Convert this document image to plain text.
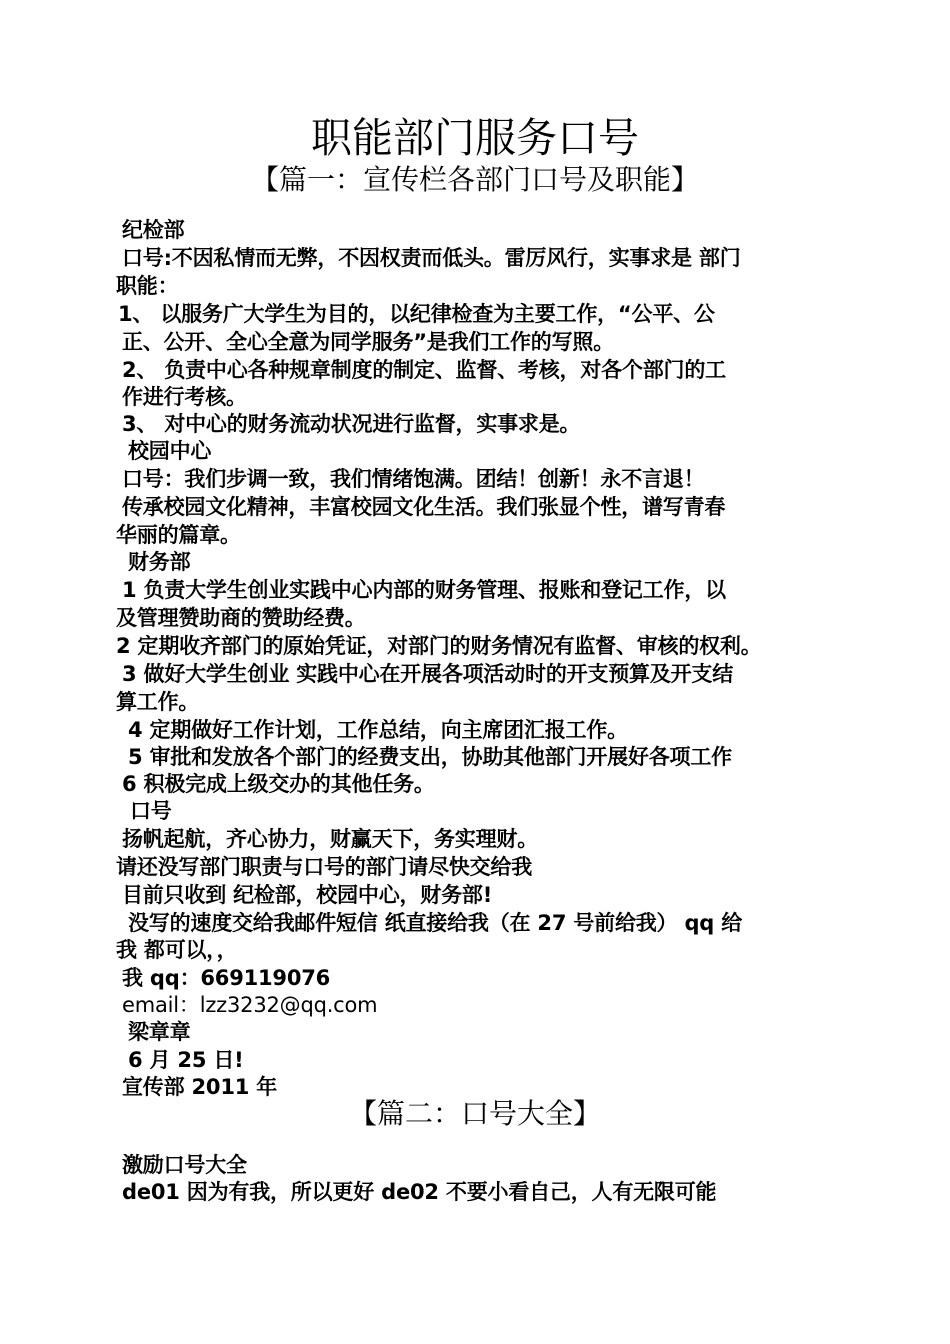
职能部门服务口号
【篇一：宣传栏各部门口号及职能】
纪检部
口号:不因私情而无弊，不因权责而低头。雷厉风行，实事求是 部门
职能：
1、 以服务广大学生为目的，以纪律检查为主要工作，“公平、公
正、公开、全心全意为同学服务”是我们工作的写照。
2、 负责中心各种规章制度的制定、监督、考核，对各个部门的工
作进行考核。
3、 对中心的财务流动状况进行监督，实事求是。
校园中心
口号：我们步调一致，我们情绪饱满。团结！创新！永不言退！
传承校园文化精神，丰富校园文化生活。我们张显个性，谱写青春
华丽的篇章。
财务部
1 负责大学生创业实践中心内部的财务管理、报账和登记工作，以
及管理赞助商的赞助经费。
2 定期收齐部门的原始凭证，对部门的财务情况有监督、审核的权利。
3 做好大学生创业 实践中心在开展各项活动时的开支预算及开支结
算工作。
4 定期做好工作计划，工作总结，向主席团汇报工作。
5 审批和发放各个部门的经费支出，协助其他部门开展好各项工作
6 积极完成上级交办的其他任务。
口号
扬帆起航，齐心协力，财赢天下，务实理财。
请还没写部门职责与口号的部门请尽快交给我
目前只收到 纪检部，校园中心，财务部!
没写的速度交给我邮件短信 纸直接给我（在 27 号前给我） qq 给
我 都可以，，
我 qq：669119076
email：lzz3232@qq.com
梁章章
6 月 25 日!
宣传部 2011 年
【篇二：口号大全】
激励口号大全
de01 因为有我，所以更好 de02 不要小看自己，人有无限可能
